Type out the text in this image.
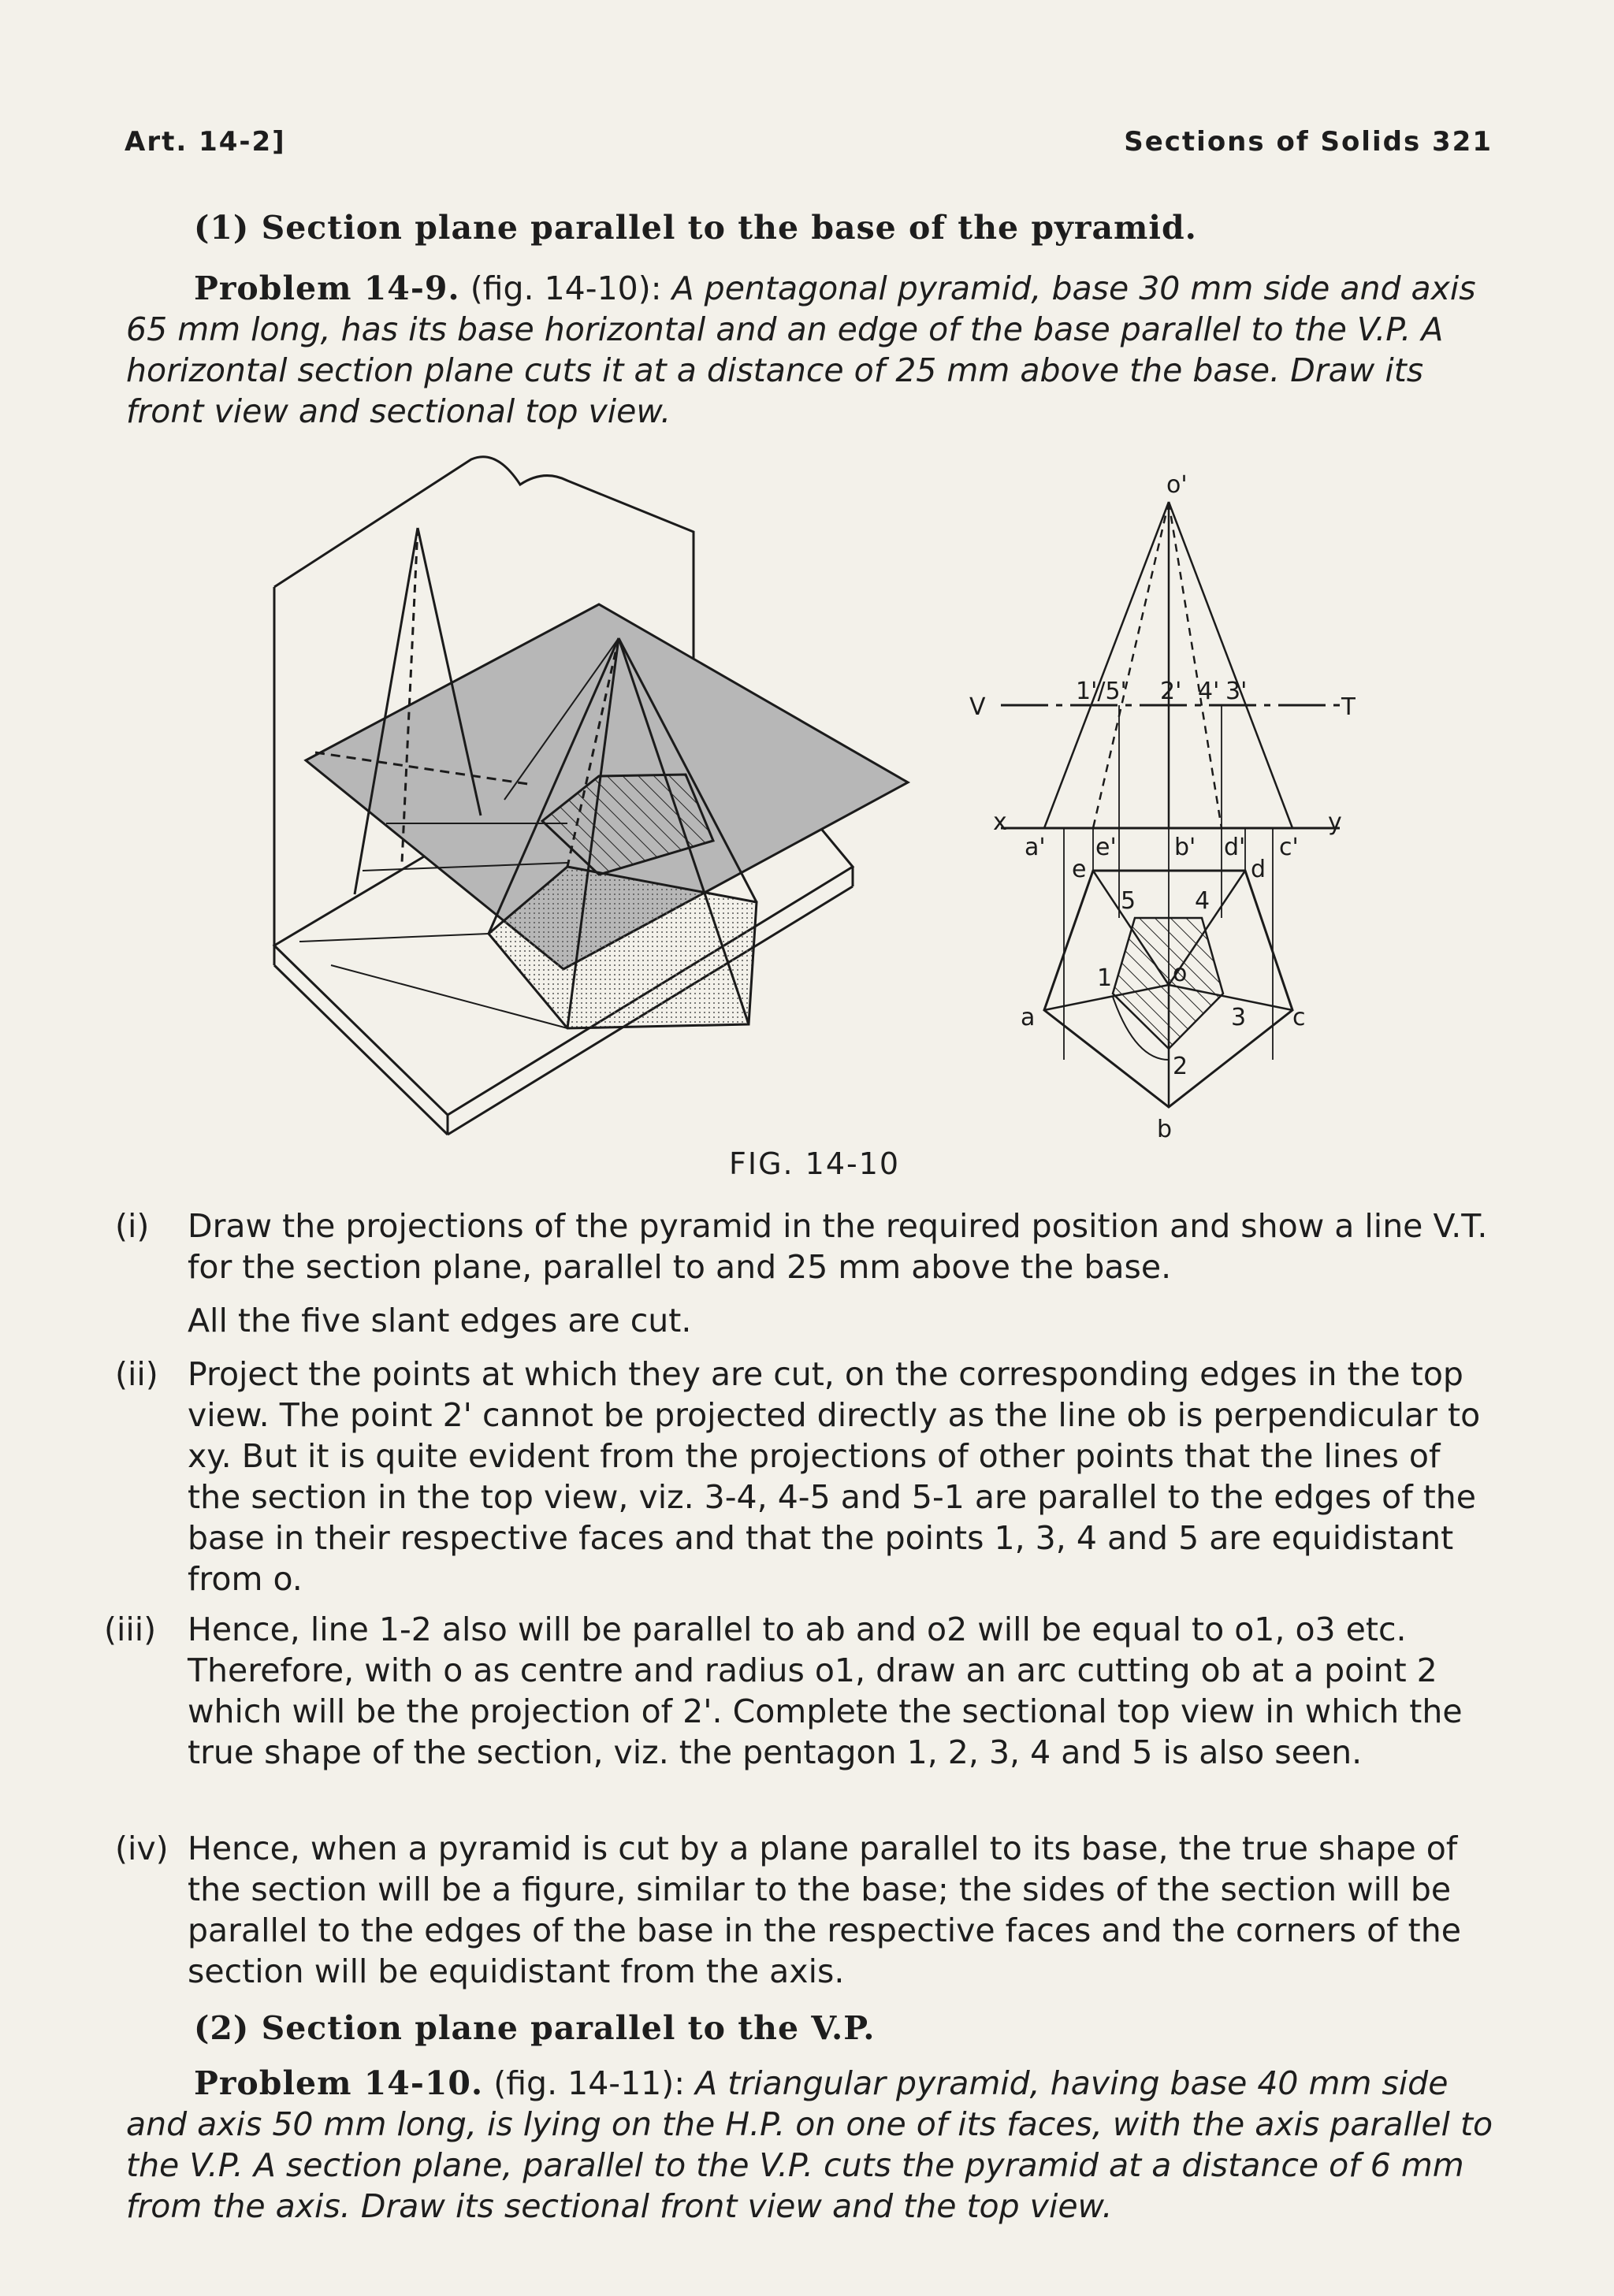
Art. 14-2]	Sections of Solids 321
(1) Section plane parallel to the base of the pyramid.
Problem 14-9. (fig. 14-10): A pentagonal pyramid, base 30 mm side and axis 65 mm long, has its base horizontal and an edge of the base parallel to the V.P. A horizontal section plane cuts it at a distance of 25 mm above the base. Draw its front view and sectional top view.
o'
V	T
x	y
1'/5' 2' 4' 3'
a' e' b' d' c'
e	d
5 4
1	o
3
2
a
b
c
FIG. 14-10
(i)	Draw the projections of the pyramid in the required position and show a line V.T. for the section plane, parallel to and 25 mm above the base.
All the five slant edges are cut.
(ii) Project the points at which they are cut, on the corresponding edges in the top view. The point 2' cannot be projected directly as the line ob is perpendicular to xy. But it is quite evident from the projections of other points that the lines of the section in the top view, viz. 3-4, 4-5 and 5-1 are parallel to the edges of the base in their respective faces and that the points 1, 3, 4 and 5 are equidistant from o.
(iii) Hence, line 1-2 also will be parallel to ab and o2 will be equal to o1, o3 etc. Therefore, with o as centre and radius o1, draw an arc cutting ob at a point 2 which will be the projection of 2'. Complete the sectional top view in which the true shape of the section, viz. the pentagon 1, 2, 3, 4 and 5 is also seen.
(iv) Hence, when a pyramid is cut by a plane parallel to its base, the true shape of the section will be a figure, similar to the base; the sides of the section will be parallel to the edges of the base in the respective faces and the corners of the section will be equidistant from the axis.
(2) Section plane parallel to the V.P.
Problem 14-10. (fig. 14-11): A triangular pyramid, having base 40 mm side and axis 50 mm long, is lying on the H.P. on one of its faces, with the axis parallel to the V.P. A section plane, parallel to the V.P. cuts the pyramid at a distance of 6 mm from the axis. Draw its sectional front view and the top view.
